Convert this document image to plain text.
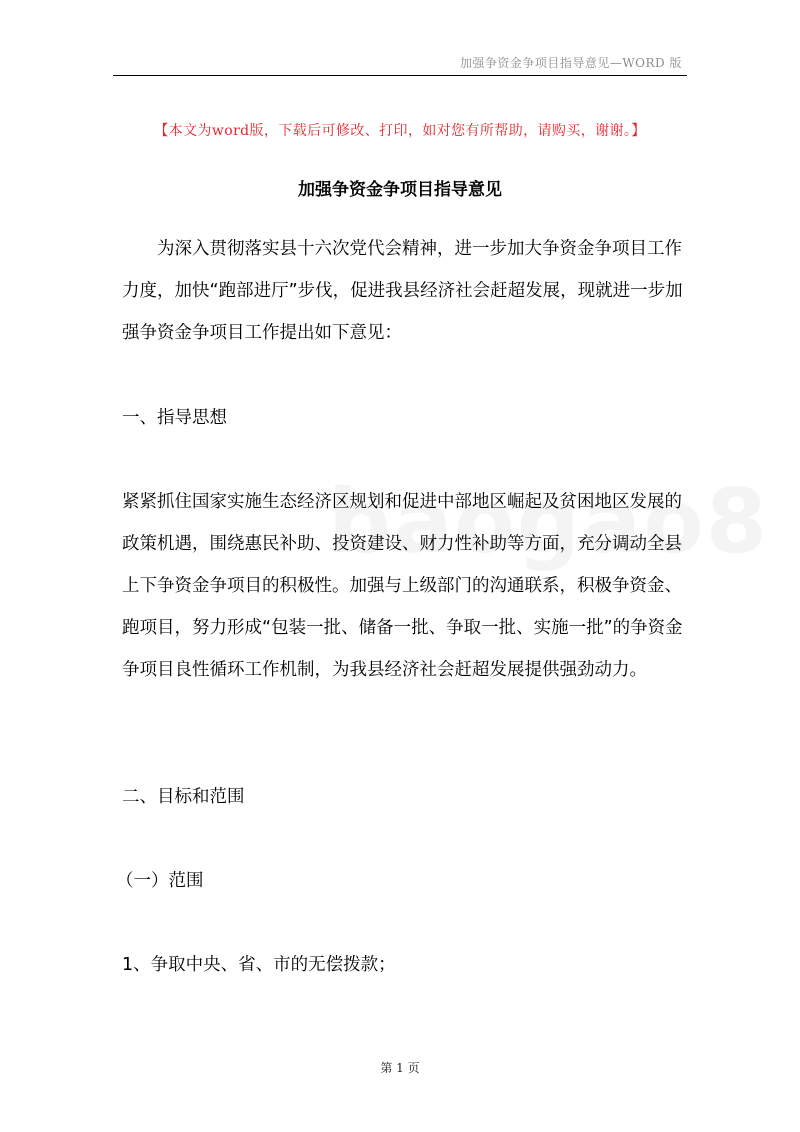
加强争资金争项目指导意见—WORD 版
【本文为word版，下载后可修改、打印，如对您有所帮助，请购买，谢谢。】
加强争资金争项目指导意见

为深入贯彻落实县十六次党代会精神，进一步加大争资金争项目工作力度，加快“跑部进厅”步伐，促进我县经济社会赶超发展，现就进一步加强争资金争项目工作提出如下意见：

一、指导思想

紧紧抓住国家实施生态经济区规划和促进中部地区崛起及贫困地区发展的政策机遇，围绕惠民补助、投资建设、财力性补助等方面，充分调动全县上下争资金争项目的积极性。加强与上级部门的沟通联系，积极争资金、跑项目，努力形成“包装一批、储备一批、争取一批、实施一批”的争资金争项目良性循环工作机制，为我县经济社会赶超发展提供强劲动力。

二、目标和范围
（一）范围
1、争取中央、省、市的无偿拨款；
第 1 页
